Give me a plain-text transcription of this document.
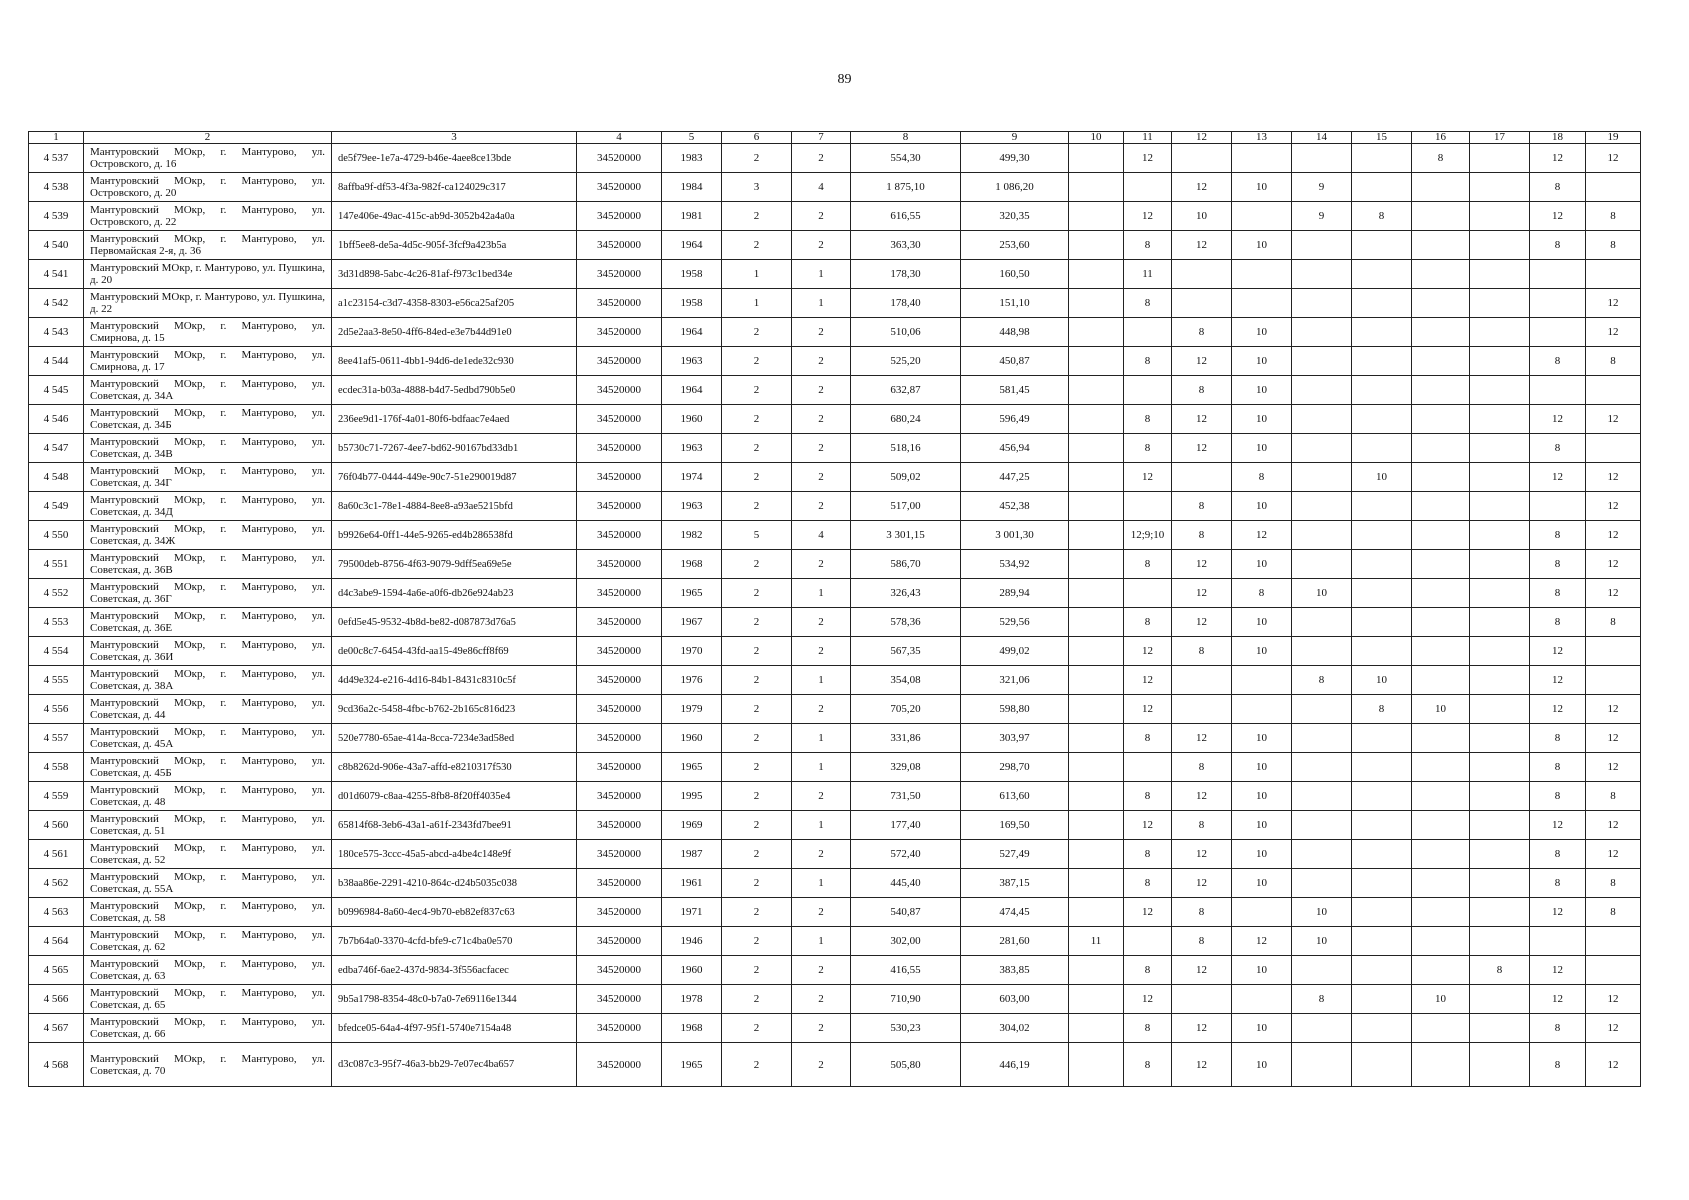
89
1	2	3	4	5	6	7	8	9	10	11	12	13	14	15	16	17	18	19
4 537	Мантуровский МОкр, г. Мантурово, ул. Островского, д. 16	de5f79ee-1e7a-4729-b46e-4aee8ce13bde	34520000	1983	2	2	554,30	499,30		12					8		12	12
4 538	Мантуровский МОкр, г. Мантурово, ул. Островского, д. 20	8affba9f-df53-4f3a-982f-ca124029c317	34520000	1984	3	4	1 875,10	1 086,20			12	10	9				8	
4 539	Мантуровский МОкр, г. Мантурово, ул. Островского, д. 22	147e406e-49ac-415c-ab9d-3052b42a4a0a	34520000	1981	2	2	616,55	320,35		12	10		9	8			12	8
4 540	Мантуровский МОкр, г. Мантурово, ул. Первомайская 2-я, д. 36	1bff5ee8-de5a-4d5c-905f-3fcf9a423b5a	34520000	1964	2	2	363,30	253,60		8	12	10					8	8
4 541	Мантуровский МОкр, г. Мантурово, ул. Пушкина, д. 20	3d31d898-5abc-4c26-81af-f973c1bed34e	34520000	1958	1	1	178,30	160,50		11								
4 542	Мантуровский МОкр, г. Мантурово, ул. Пушкина, д. 22	a1c23154-c3d7-4358-8303-e56ca25af205	34520000	1958	1	1	178,40	151,10		8								12
4 543	Мантуровский МОкр, г. Мантурово, ул. Смирнова, д. 15	2d5e2aa3-8e50-4ff6-84ed-e3e7b44d91e0	34520000	1964	2	2	510,06	448,98			8	10						12
4 544	Мантуровский МОкр, г. Мантурово, ул. Смирнова, д. 17	8ee41af5-0611-4bb1-94d6-de1ede32c930	34520000	1963	2	2	525,20	450,87		8	12	10					8	8
4 545	Мантуровский МОкр, г. Мантурово, ул. Советская, д. 34А	ecdec31a-b03a-4888-b4d7-5edbd790b5e0	34520000	1964	2	2	632,87	581,45			8	10						
4 546	Мантуровский МОкр, г. Мантурово, ул. Советская, д. 34Б	236ee9d1-176f-4a01-80f6-bdfaac7e4aed	34520000	1960	2	2	680,24	596,49		8	12	10					12	12
4 547	Мантуровский МОкр, г. Мантурово, ул. Советская, д. 34В	b5730c71-7267-4ee7-bd62-90167bd33db1	34520000	1963	2	2	518,16	456,94		8	12	10					8	
4 548	Мантуровский МОкр, г. Мантурово, ул. Советская, д. 34Г	76f04b77-0444-449e-90c7-51e290019d87	34520000	1974	2	2	509,02	447,25		12		8		10			12	12
4 549	Мантуровский МОкр, г. Мантурово, ул. Советская, д. 34Д	8a60c3c1-78e1-4884-8ee8-a93ae5215bfd	34520000	1963	2	2	517,00	452,38			8	10						12
4 550	Мантуровский МОкр, г. Мантурово, ул. Советская, д. 34Ж	b9926e64-0ff1-44e5-9265-ed4b286538fd	34520000	1982	5	4	3 301,15	3 001,30		12;9;10	8	12					8	12
4 551	Мантуровский МОкр, г. Мантурово, ул. Советская, д. 36В	79500deb-8756-4f63-9079-9dff5ea69e5e	34520000	1968	2	2	586,70	534,92		8	12	10					8	12
4 552	Мантуровский МОкр, г. Мантурово, ул. Советская, д. 36Г	d4c3abe9-1594-4a6e-a0f6-db26e924ab23	34520000	1965	2	1	326,43	289,94			12	8	10				8	12
4 553	Мантуровский МОкр, г. Мантурово, ул. Советская, д. 36Е	0efd5e45-9532-4b8d-be82-d087873d76a5	34520000	1967	2	2	578,36	529,56		8	12	10					8	8
4 554	Мантуровский МОкр, г. Мантурово, ул. Советская, д. 36И	de00c8c7-6454-43fd-aa15-49e86cff8f69	34520000	1970	2	2	567,35	499,02		12	8	10					12	
4 555	Мантуровский МОкр, г. Мантурово, ул. Советская, д. 38А	4d49e324-e216-4d16-84b1-8431c8310c5f	34520000	1976	2	1	354,08	321,06		12			8	10			12	
4 556	Мантуровский МОкр, г. Мантурово, ул. Советская, д. 44	9cd36a2c-5458-4fbc-b762-2b165c816d23	34520000	1979	2	2	705,20	598,80		12				8	10		12	12
4 557	Мантуровский МОкр, г. Мантурово, ул. Советская, д. 45А	520e7780-65ae-414a-8cca-7234e3ad58ed	34520000	1960	2	1	331,86	303,97		8	12	10					8	12
4 558	Мантуровский МОкр, г. Мантурово, ул. Советская, д. 45Б	c8b8262d-906e-43a7-affd-e8210317f530	34520000	1965	2	1	329,08	298,70			8	10					8	12
4 559	Мантуровский МОкр, г. Мантурово, ул. Советская, д. 48	d01d6079-c8aa-4255-8fb8-8f20ff4035e4	34520000	1995	2	2	731,50	613,60		8	12	10					8	8
4 560	Мантуровский МОкр, г. Мантурово, ул. Советская, д. 51	65814f68-3eb6-43a1-a61f-2343fd7bee91	34520000	1969	2	1	177,40	169,50		12	8	10					12	12
4 561	Мантуровский МОкр, г. Мантурово, ул. Советская, д. 52	180ce575-3ccc-45a5-abcd-a4be4c148e9f	34520000	1987	2	2	572,40	527,49		8	12	10					8	12
4 562	Мантуровский МОкр, г. Мантурово, ул. Советская, д. 55А	b38aa86e-2291-4210-864c-d24b5035c038	34520000	1961	2	1	445,40	387,15		8	12	10					8	8
4 563	Мантуровский МОкр, г. Мантурово, ул. Советская, д. 58	b0996984-8a60-4ec4-9b70-eb82ef837c63	34520000	1971	2	2	540,87	474,45		12	8		10				12	8
4 564	Мантуровский МОкр, г. Мантурово, ул. Советская, д. 62	7b7b64a0-3370-4cfd-bfe9-c71c4ba0e570	34520000	1946	2	1	302,00	281,60	11		8	12	10					
4 565	Мантуровский МОкр, г. Мантурово, ул. Советская, д. 63	edba746f-6ae2-437d-9834-3f556acfacec	34520000	1960	2	2	416,55	383,85		8	12	10				8	12	
4 566	Мантуровский МОкр, г. Мантурово, ул. Советская, д. 65	9b5a1798-8354-48c0-b7a0-7e69116e1344	34520000	1978	2	2	710,90	603,00		12			8		10		12	12
4 567	Мантуровский МОкр, г. Мантурово, ул. Советская, д. 66	bfedce05-64a4-4f97-95f1-5740e7154a48	34520000	1968	2	2	530,23	304,02		8	12	10					8	12
4 568	Мантуровский МОкр, г. Мантурово, ул. Советская, д. 70	d3c087c3-95f7-46a3-bb29-7e07ec4ba657	34520000	1965	2	2	505,80	446,19		8	12	10					8	12
